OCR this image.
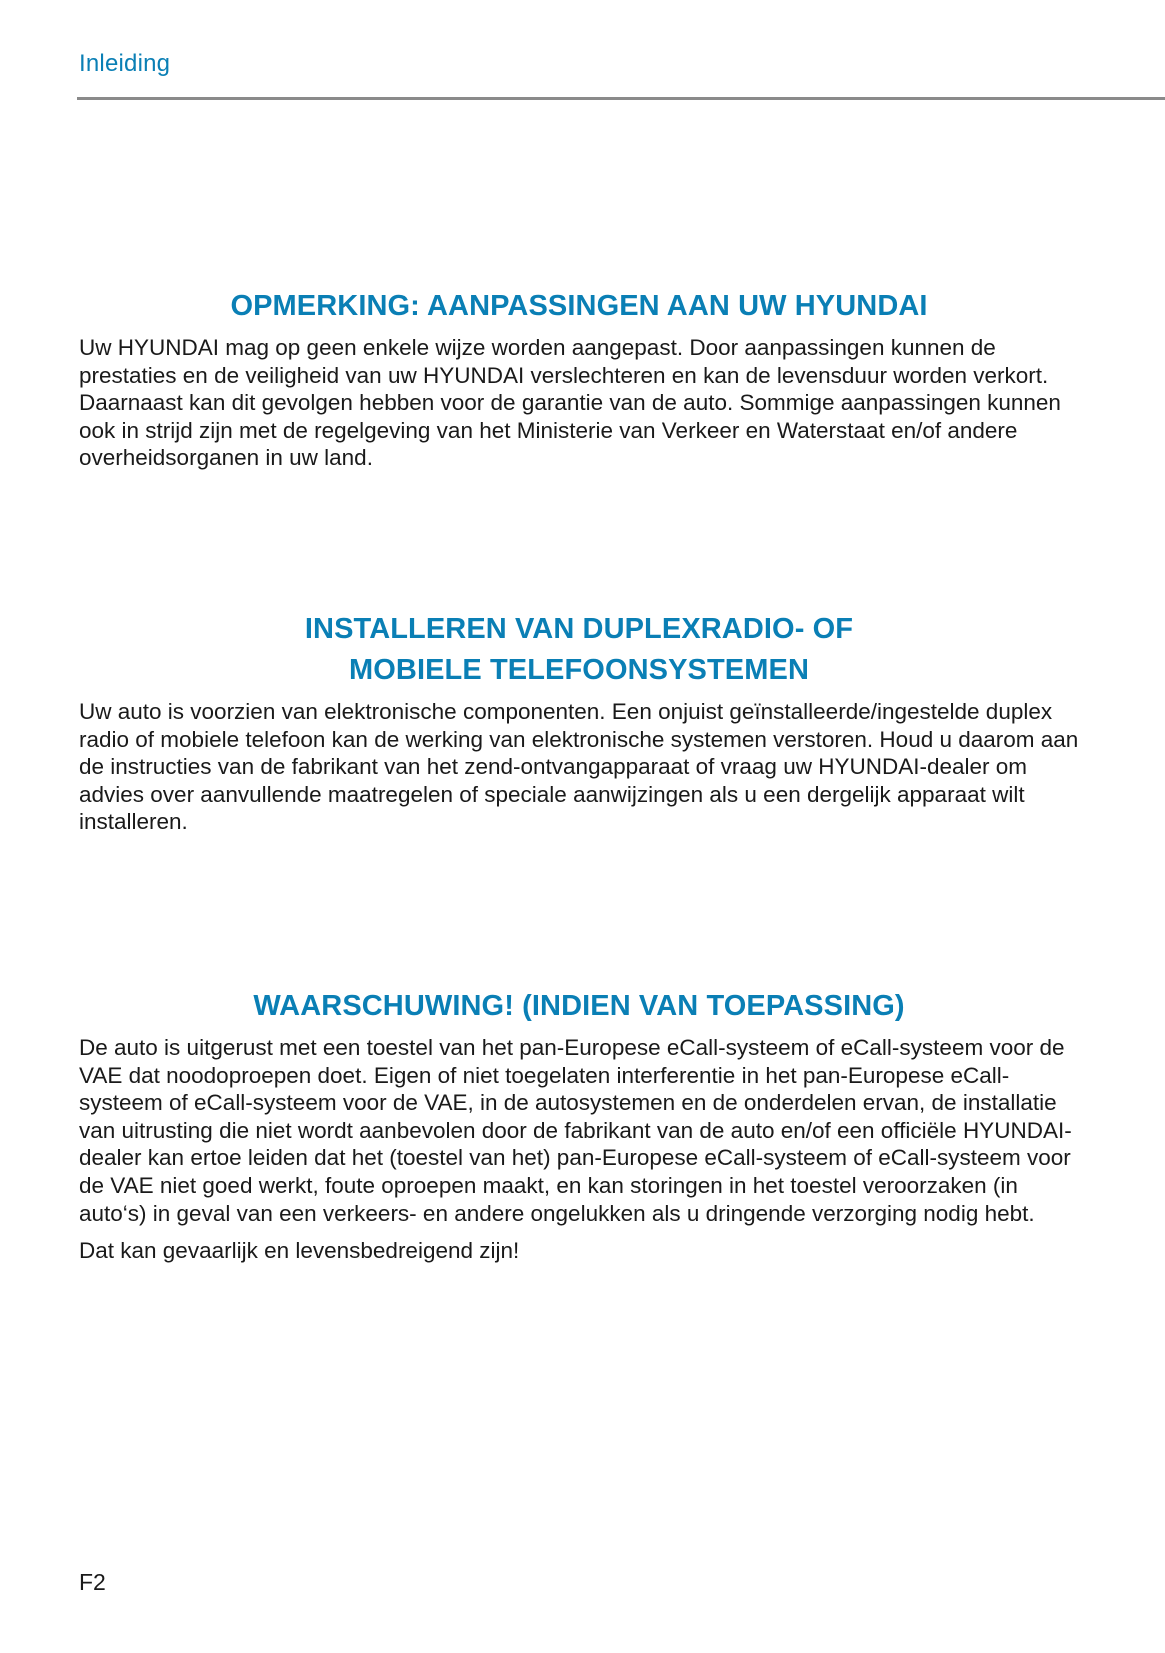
Inleiding
OPMERKING: AANPASSINGEN AAN UW HYUNDAI

Uw HYUNDAI mag op geen enkele wijze worden aangepast. Door aanpassingen kunnen de prestaties en de veiligheid van uw HYUNDAI verslechteren en kan de levensduur worden verkort. Daarnaast kan dit gevolgen hebben voor de garantie van de auto. Sommige aanpassingen kunnen ook in strijd zijn met de regelgeving van het Ministerie van Verkeer en Waterstaat en/of andere overheidsorganen in uw land.

INSTALLEREN VAN DUPLEXRADIO- OF
MOBIELE TELEFOONSYSTEMEN

Uw auto is voorzien van elektronische componenten. Een onjuist geïnstalleerde/ingestelde duplex radio of mobiele telefoon kan de werking van elektronische systemen verstoren. Houd u daarom aan de instructies van de fabrikant van het zend-ontvangapparaat of vraag uw HYUNDAI-dealer om advies over aanvullende maatregelen of speciale aanwijzingen als u een dergelijk apparaat wilt installeren.

WAARSCHUWING! (INDIEN VAN TOEPASSING)

De auto is uitgerust met een toestel van het pan-Europese eCall-systeem of eCall-systeem voor de VAE dat noodoproepen doet. Eigen of niet toegelaten interferentie in het pan-Europese eCall-systeem of eCall-systeem voor de VAE, in de autosystemen en de onderdelen ervan, de installatie van uitrusting die niet wordt aanbevolen door de fabrikant van de auto en/of een officiële HYUNDAI-dealer kan ertoe leiden dat het (toestel van het) pan-Europese eCall-systeem of eCall-systeem voor de VAE niet goed werkt, foute oproepen maakt, en kan storingen in het toestel veroorzaken (in auto‘s) in geval van een verkeers- en andere ongelukken als u dringende verzorging nodig hebt.

Dat kan gevaarlijk en levensbedreigend zijn!

F2
